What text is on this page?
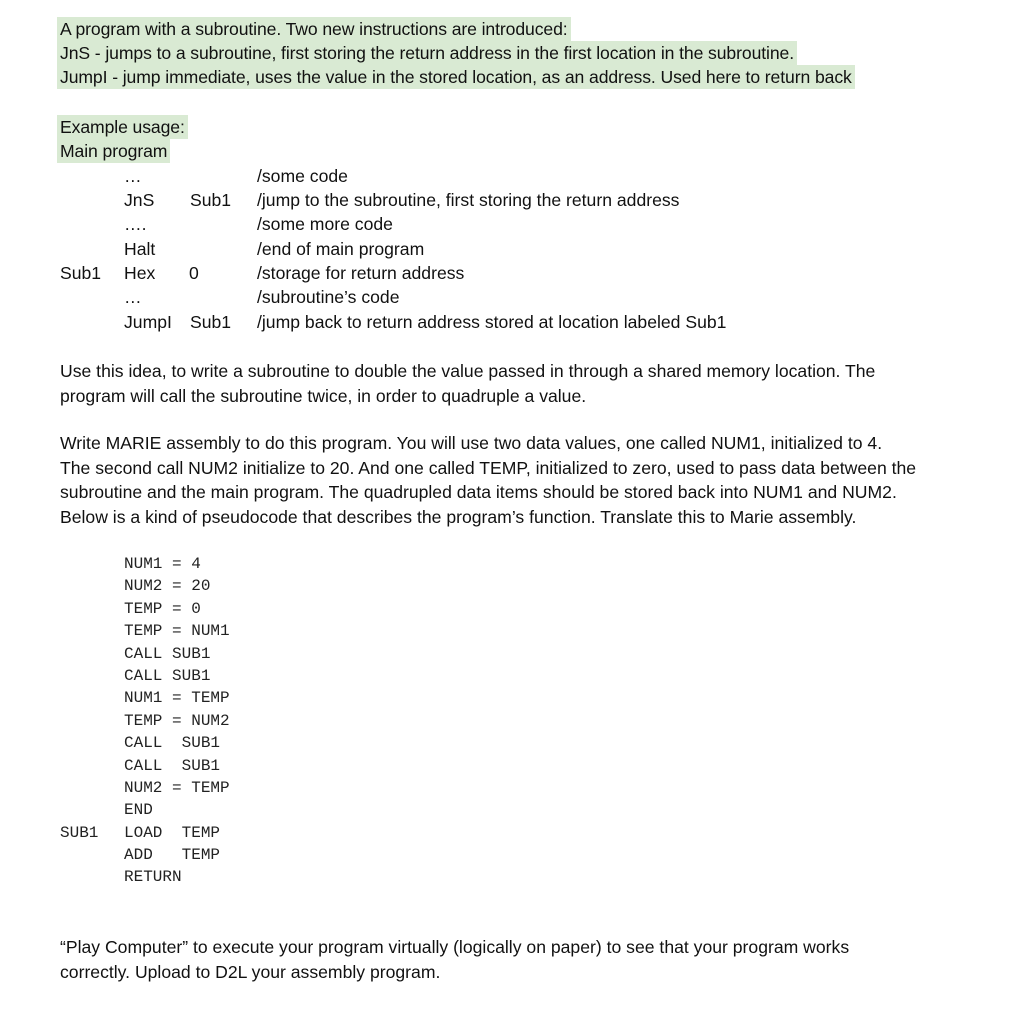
A program with a subroutine. Two new instructions are introduced:
JnS - jumps to a subroutine, first storing the return address in the first location in the subroutine.
JumpI - jump immediate, uses the value in the stored location, as an address. Used here to return back
Example usage:
Main program
…	/some code
JnS Sub1 /jump to the subroutine, first storing the return address
….	/some more code
Halt	/end of main program
Sub1 Hex 0	/storage for return address
…	/subroutine’s code
JumpI Sub1 /jump back to return address stored at location labeled Sub1
Use this idea, to write a subroutine to double the value passed in through a shared memory location. The
program will call the subroutine twice, in order to quadruple a value.
Write MARIE assembly to do this program. You will use two data values, one called NUM1, initialized to 4.
The second call NUM2 initialize to 20. And one called TEMP, initialized to zero, used to pass data between the
subroutine and the main program. The quadrupled data items should be stored back into NUM1 and NUM2.
Below is a kind of pseudocode that describes the program’s function. Translate this to Marie assembly.
NUM1 = 4
NUM2 = 20
TEMP = 0
TEMP = NUM1
CALL SUB1
CALL SUB1
NUM1 = TEMP
TEMP = NUM2
CALL  SUB1
CALL  SUB1
NUM2 = TEMP
END
SUB1 LOAD  TEMP
ADD   TEMP
RETURN
“Play Computer” to execute your program virtually (logically on paper) to see that your program works
correctly. Upload to D2L your assembly program.
